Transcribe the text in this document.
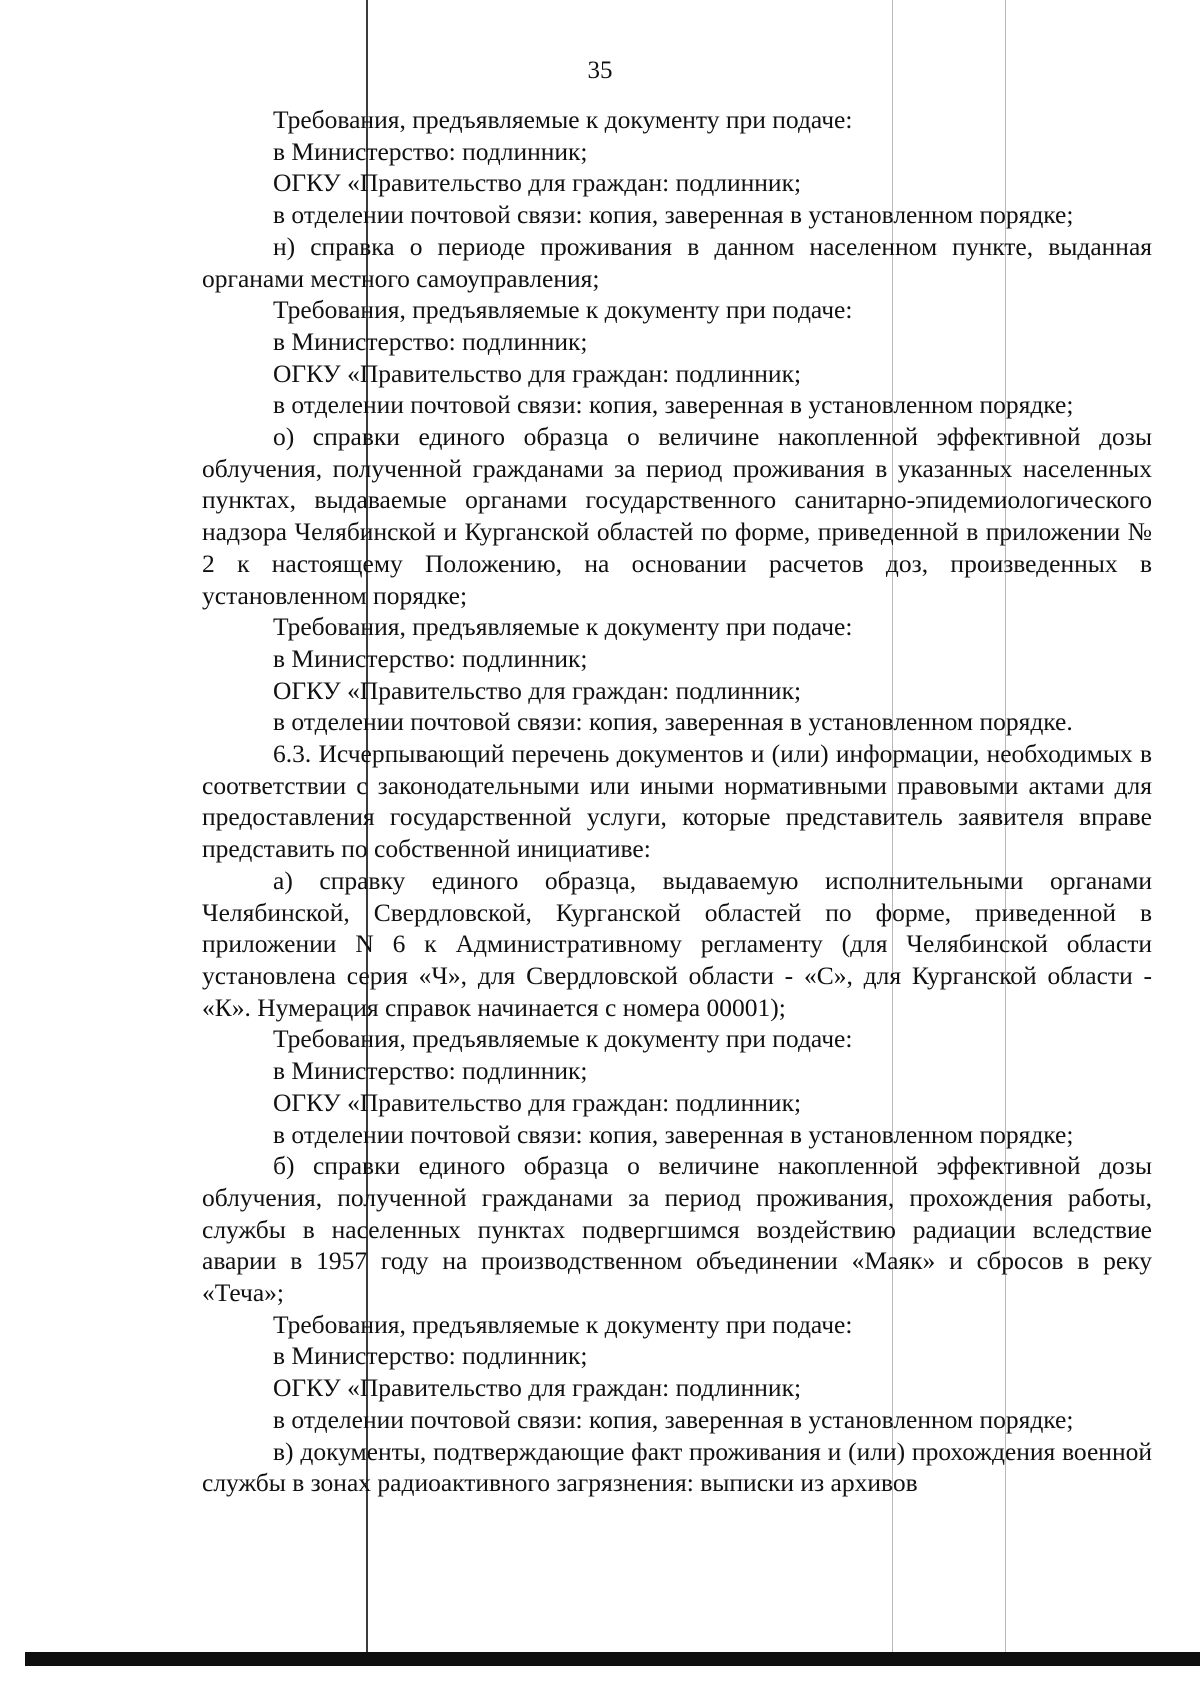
35

Требования, предъявляемые к документу при подаче:

в Министерство: подлинник;

ОГКУ «Правительство для граждан: подлинник;

в отделении почтовой связи: копия, заверенная в установленном порядке;

н) справка о периоде проживания в данном населенном пункте, выданная органами местного самоуправления;

Требования, предъявляемые к документу при подаче:

в Министерство: подлинник;

ОГКУ «Правительство для граждан: подлинник;

в отделении почтовой связи: копия, заверенная в установленном порядке;

о) справки единого образца о величине накопленной эффективной дозы облучения, полученной гражданами за период проживания в указанных населенных пунктах, выдаваемые органами государственного санитарно-эпидемиологического надзора Челябинской и Курганской областей по форме, приведенной в приложении № 2 к настоящему Положению, на основании расчетов доз, произведенных в установленном порядке;

Требования, предъявляемые к документу при подаче:

в Министерство: подлинник;

ОГКУ «Правительство для граждан: подлинник;

в отделении почтовой связи: копия, заверенная в установленном порядке.

6.3. Исчерпывающий перечень документов и (или) информации, необходимых в соответствии с законодательными или иными нормативными правовыми актами для предоставления государственной услуги, которые представитель заявителя вправе представить по собственной инициативе:

а) справку единого образца, выдаваемую исполнительными органами Челябинской, Свердловской, Курганской областей по форме, приведенной в приложении N 6 к Административному регламенту (для Челябинской области установлена серия «Ч», для Свердловской области - «С», для Курганской области - «К». Нумерация справок начинается с номера 00001);

Требования, предъявляемые к документу при подаче:

в Министерство: подлинник;

ОГКУ «Правительство для граждан: подлинник;

в отделении почтовой связи: копия, заверенная в установленном порядке;

б) справки единого образца о величине накопленной эффективной дозы облучения, полученной гражданами за период проживания, прохождения работы, службы в населенных пунктах подвергшимся воздействию радиации вследствие аварии в 1957 году на производственном объединении «Маяк» и сбросов в реку «Теча»;

Требования, предъявляемые к документу при подаче:

в Министерство: подлинник;

ОГКУ «Правительство для граждан: подлинник;

в отделении почтовой связи: копия, заверенная в установленном порядке;

в) документы, подтверждающие факт проживания и (или) прохождения военной службы в зонах радиоактивного загрязнения: выписки из архивов
